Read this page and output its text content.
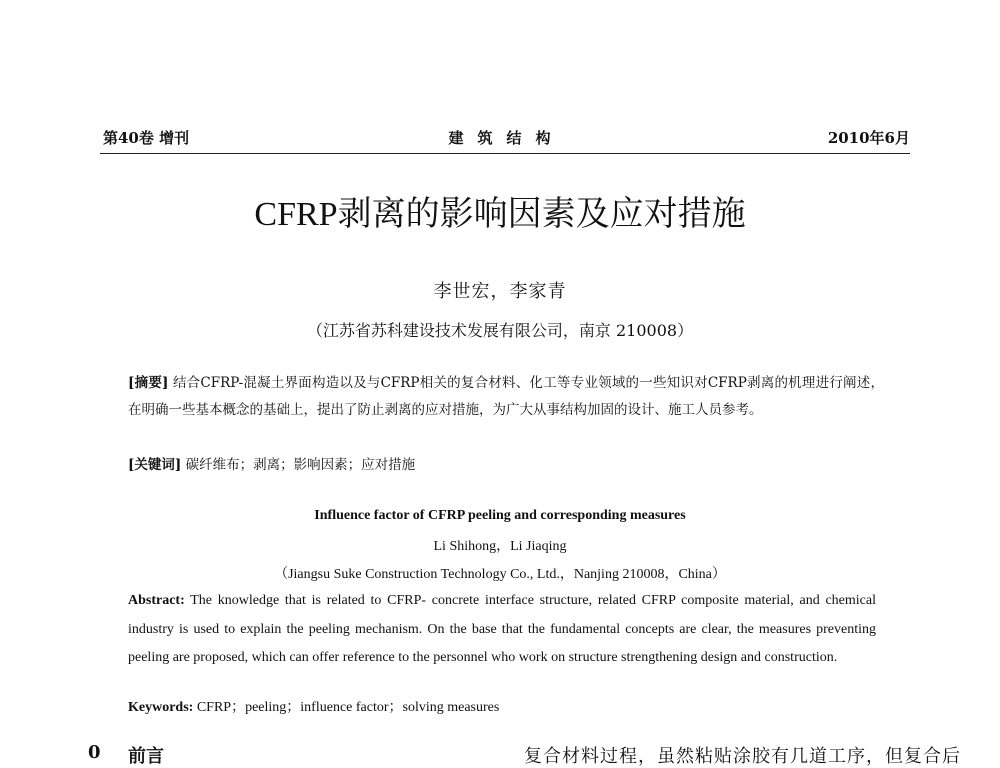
第40卷 增刊	建筑结构	2010年6月
CFRP剥离的影响因素及应对措施
李世宏，李家青
（江苏省苏科建设技术发展有限公司，南京 210008）
[摘要] 结合CFRP-混凝土界面构造以及与CFRP相关的复合材料、化工等专业领域的一些知识对CFRP剥离的机理进行阐述，在明确一些基本概念的基础上，提出了防止剥离的应对措施，为广大从事结构加固的设计、施工人员参考。
[关键词] 碳纤维布；剥离；影响因素；应对措施
Influence factor of CFRP peeling and corresponding measures
Li Shihong，Li Jiaqing
（Jiangsu Suke Construction Technology Co., Ltd.，Nanjing 210008，China）
Abstract: The knowledge that is related to CFRP- concrete interface structure, related CFRP composite material, and chemical industry is used to explain the peeling mechanism. On the base that the fundamental concepts are clear, the measures preventing peeling are proposed, which can offer reference to the personnel who work on structure strengthening design and construction.
Keywords: CFRP；peeling；influence factor；solving measures
0 前言	复合材料过程，虽然粘贴涂胶有几道工序，但复合后
